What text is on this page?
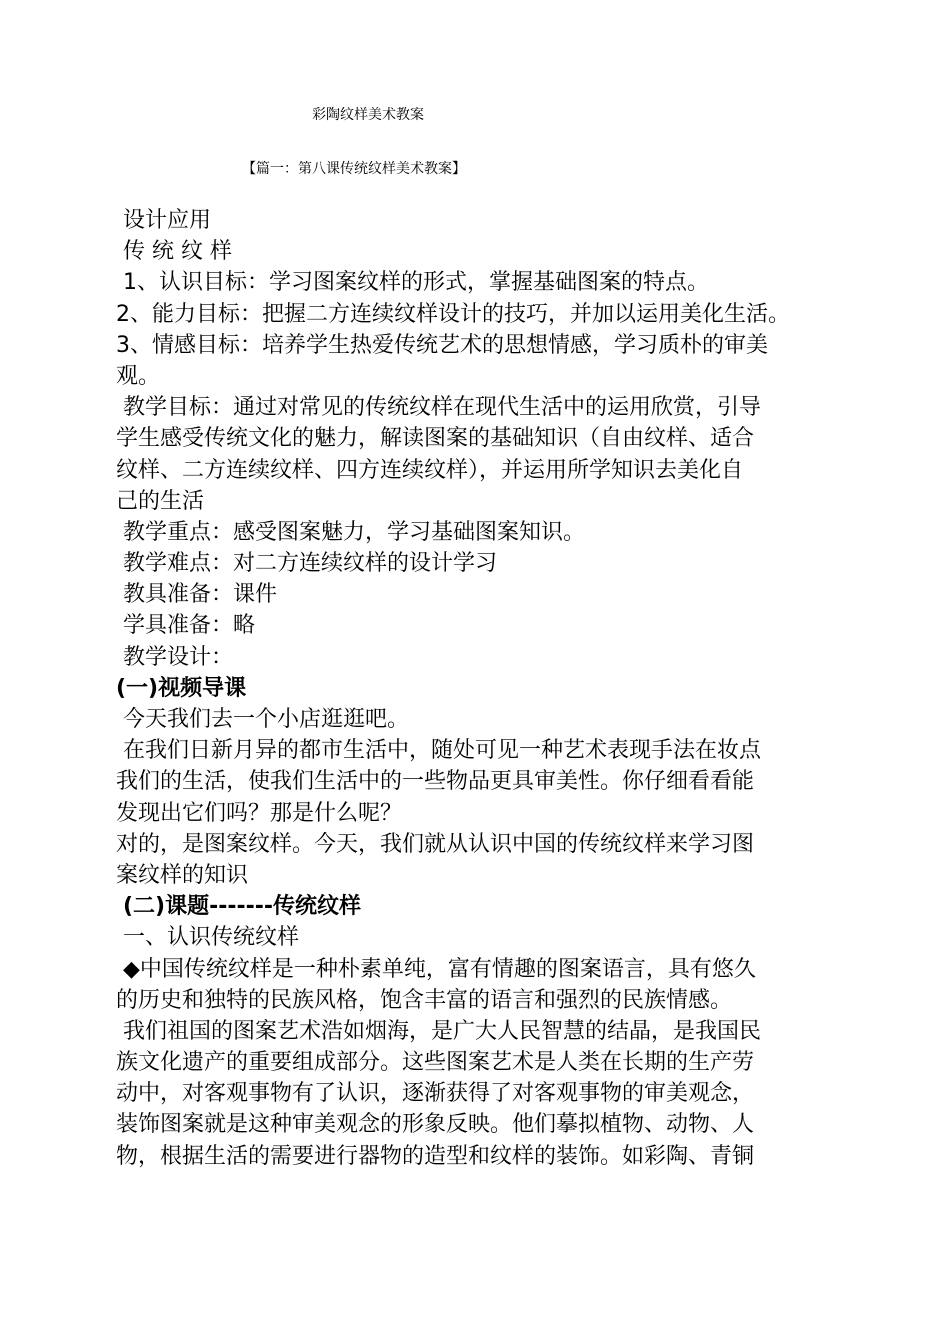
彩陶纹样美术教案
【篇一：第八课传统纹样美术教案】
设计应用
传 统 纹 样
1、认识目标：学习图案纹样的形式，掌握基础图案的特点。
2、能力目标：把握二方连续纹样设计的技巧，并加以运用美化生活。
3、情感目标：培养学生热爱传统艺术的思想情感，学习质朴的审美
观。
教学目标：通过对常见的传统纹样在现代生活中的运用欣赏，引导
学生感受传统文化的魅力，解读图案的基础知识（自由纹样、适合
纹样、二方连续纹样、四方连续纹样），并运用所学知识去美化自
己的生活
教学重点：感受图案魅力，学习基础图案知识。
教学难点：对二方连续纹样的设计学习
教具准备：课件
学具准备：略
教学设计：
(一)视频导课
今天我们去一个小店逛逛吧。
在我们日新月异的都市生活中，随处可见一种艺术表现手法在妆点
我们的生活，使我们生活中的一些物品更具审美性。你仔细看看能
发现出它们吗？那是什么呢？
对的，是图案纹样。今天，我们就从认识中国的传统纹样来学习图
案纹样的知识
(二)课题-------传统纹样
一、认识传统纹样
◆中国传统纹样是一种朴素单纯，富有情趣的图案语言，具有悠久
的历史和独特的民族风格，饱含丰富的语言和强烈的民族情感。
我们祖国的图案艺术浩如烟海，是广大人民智慧的结晶，是我国民
族文化遗产的重要组成部分。这些图案艺术是人类在长期的生产劳
动中，对客观事物有了认识，逐渐获得了对客观事物的审美观念，
装饰图案就是这种审美观念的形象反映。他们摹拟植物、动物、人
物，根据生活的需要进行器物的造型和纹样的装饰。如彩陶、青铜
